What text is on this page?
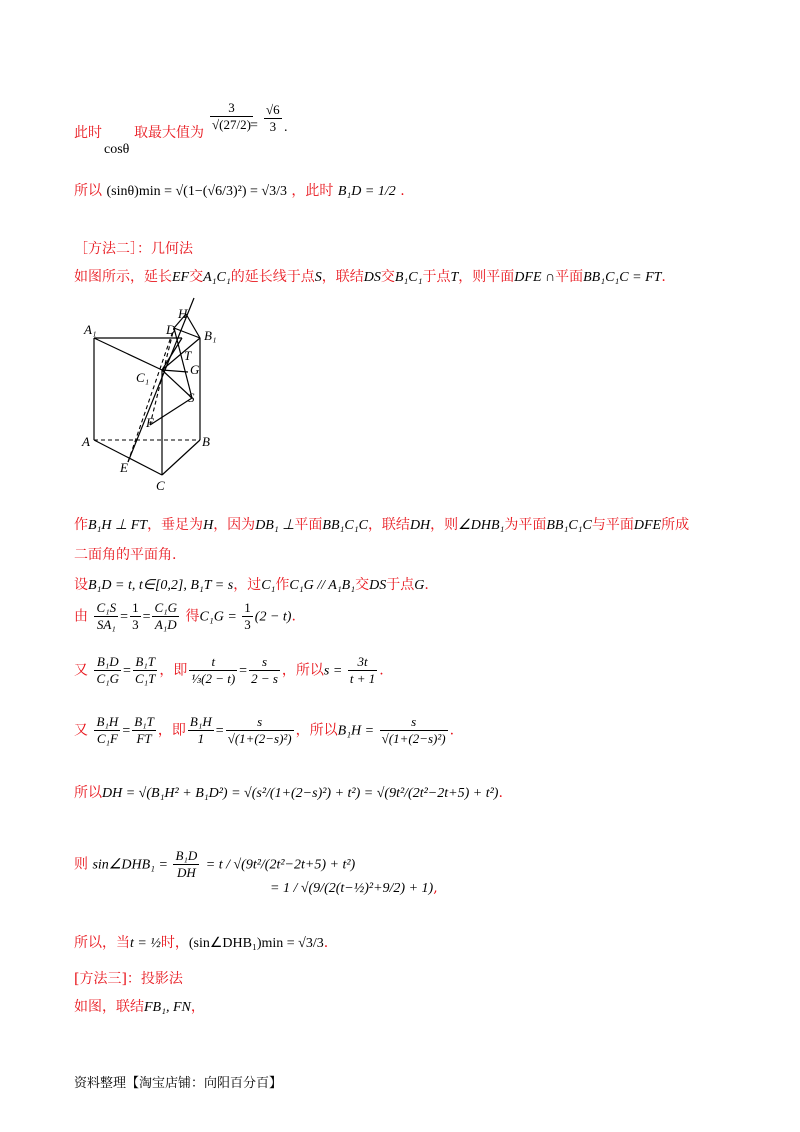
此时 取最大值为
cosθ
$\frac{3}{√(27/2)}$
= $\frac{√6}{3}$ .
所以 (sinθ)min = √(1−(√6/3)²) = √3/3 ，此时 B₁D = 1/2 .
［方法二］：几何法
如图所示，延长EF交A₁C₁的延长线于点S，联结DS交B₁C₁于点T，则平面DFE ∩平面BB₁C₁C = FT.
A₁	D
H
B₁
T
C₁
G
S
F
A	B
E
C
作B₁H ⊥ FT，垂足为H，因为DB₁ ⊥平面BB₁C₁C，联结DH，则∠DHB₁为平面BB₁C₁C与平面DFE所成
二面角的平面角.
设B₁D = t, t∈[0,2], B₁T = s，过C₁作C₁G // A₁B₁交DS于点G.
由 $\frac{\text{C₁S}}{\text{SA₁}} = \frac{1}{3} = \frac{\text{C₁G}}{\text{A₁D}}$ 得$C_1G = \frac{1}{3} (2 - t)$.
又 $\frac{\text{B₁D}}{\text{C₁G}} = \frac{\text{B₁T}}{\text{C₁T}}$ ，即 $\frac{t}{\text{⅓(2 − t)}} = \frac{s}{2 - s}$ ，所以$s = \frac{3t}{t + 1}$ .
又 $\frac{\text{B₁H}}{\text{C₁F}} = \frac{\text{B₁T}}{FT}$ ，即 $\frac{\text{B₁H}}{1} = \frac{s}{\text{√(1+(2−s)²)}}$ ，所以$B_1H = \frac{s}{\text{√(1+(2−s)²)}}$ .
所以DH = √(B₁H² + B₁D²) = √(s²/(1+(2−s)²) + t²) = √(9t²/(2t²−2t+5) + t²).
则 sin∠DHB₁ = $\frac{\text{B₁D}}{DH} = t / √(9t^2/(2t^2-2t+5) + t^2)$
= 1 / √(9/(2(t−½)²+9/2) + 1),
所以，当t = ½时，(sin∠DHB₁)min = √3/3.
[方法三]：投影法
如图，联结FB₁, FN，
资料整理【淘宝店铺：向阳百分百】
